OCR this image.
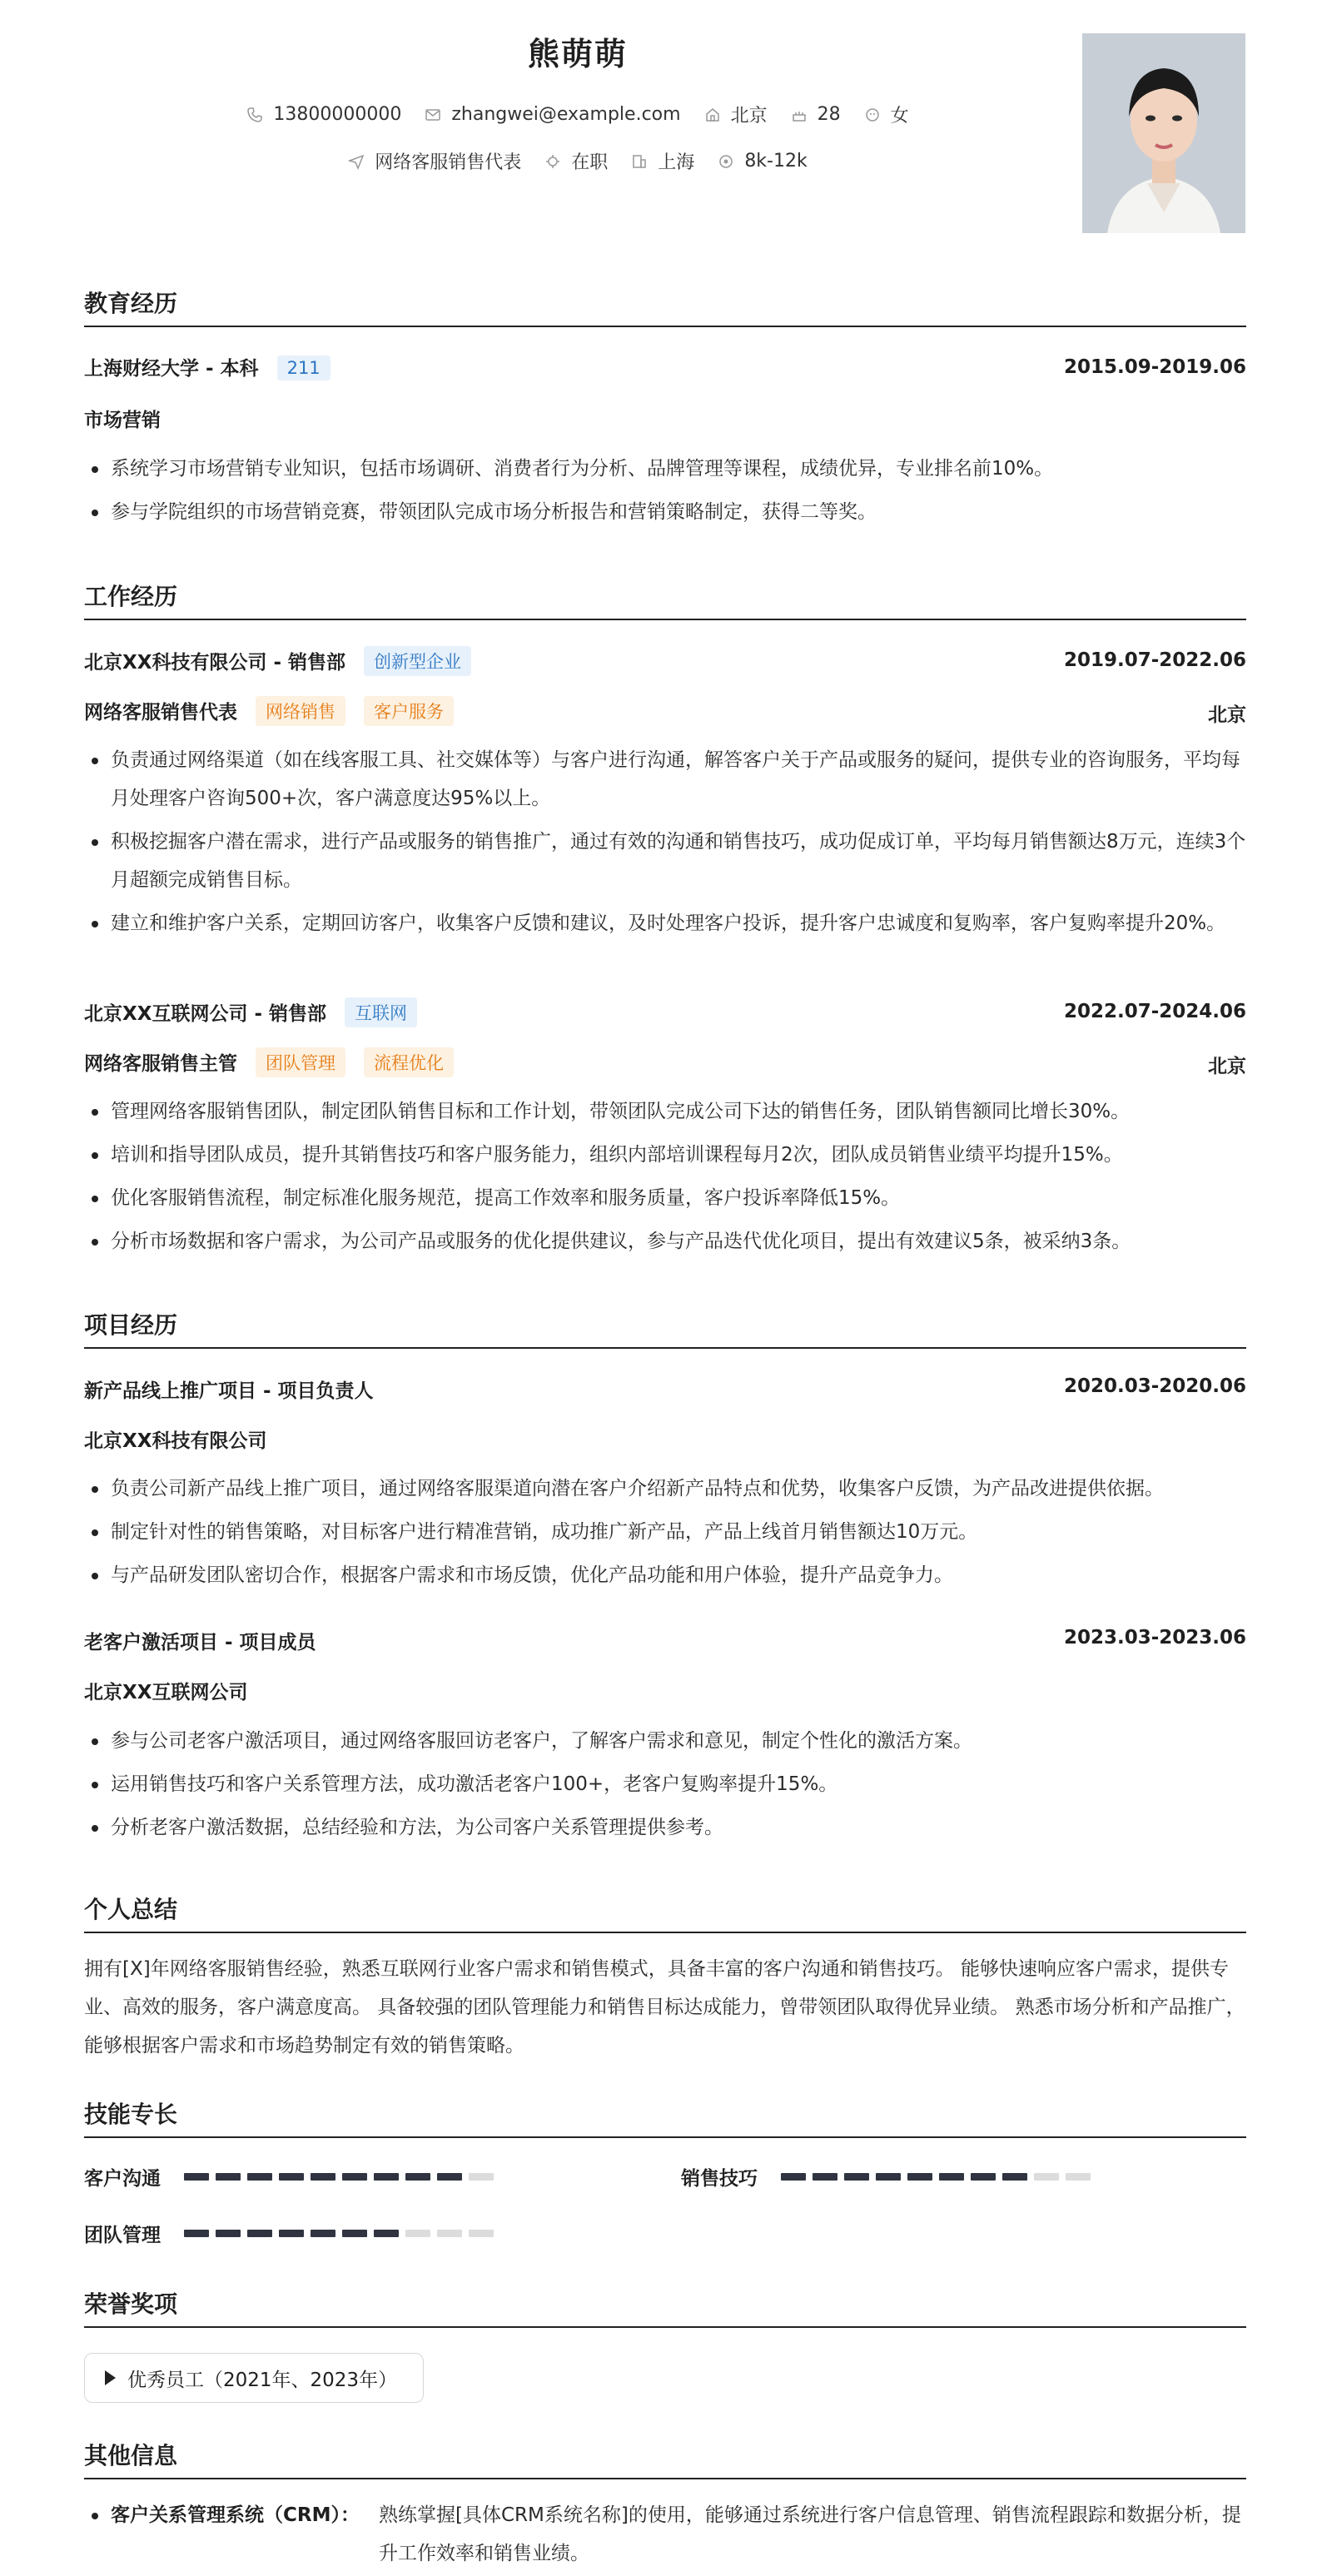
熊萌萌
13800000000	zhangwei@example.com	北京	28	女
网络客服销售代表	在职	上海	8k-12k
教育经历
上海财经大学 - 本科 211	2015.09-2019.06
市场营销
系统学习市场营销专业知识，包括市场调研、消费者行为分析、品牌管理等课程，成绩优异，专业排名前10%。
参与学院组织的市场营销竞赛，带领团队完成市场分析报告和营销策略制定，获得二等奖。
工作经历
北京XX科技有限公司 - 销售部 创新型企业	2019.07-2022.06
网络客服销售代表 网络销售 客户服务	北京
负责通过网络渠道（如在线客服工具、社交媒体等）与客户进行沟通，解答客户关于产品或服务的疑问，提供专业的咨询服务，平均每月处理客户咨询500+次，客户满意度达95%以上。
积极挖掘客户潜在需求，进行产品或服务的销售推广，通过有效的沟通和销售技巧，成功促成订单，平均每月销售额达8万元，连续3个月超额完成销售目标。
建立和维护客户关系，定期回访客户，收集客户反馈和建议，及时处理客户投诉，提升客户忠诚度和复购率，客户复购率提升20%。
北京XX互联网公司 - 销售部 互联网	2022.07-2024.06
网络客服销售主管 团队管理 流程优化	北京
管理网络客服销售团队，制定团队销售目标和工作计划，带领团队完成公司下达的销售任务，团队销售额同比增长30%。
培训和指导团队成员，提升其销售技巧和客户服务能力，组织内部培训课程每月2次，团队成员销售业绩平均提升15%。
优化客服销售流程，制定标准化服务规范，提高工作效率和服务质量，客户投诉率降低15%。
分析市场数据和客户需求，为公司产品或服务的优化提供建议，参与产品迭代优化项目，提出有效建议5条，被采纳3条。
项目经历
新产品线上推广项目 - 项目负责人	2020.03-2020.06
北京XX科技有限公司
负责公司新产品线上推广项目，通过网络客服渠道向潜在客户介绍新产品特点和优势，收集客户反馈，为产品改进提供依据。
制定针对性的销售策略，对目标客户进行精准营销，成功推广新产品，产品上线首月销售额达10万元。
与产品研发团队密切合作，根据客户需求和市场反馈，优化产品功能和用户体验，提升产品竞争力。
老客户激活项目 - 项目成员	2023.03-2023.06
北京XX互联网公司
参与公司老客户激活项目，通过网络客服回访老客户，了解客户需求和意见，制定个性化的激活方案。
运用销售技巧和客户关系管理方法，成功激活老客户100+，老客户复购率提升15%。
分析老客户激活数据，总结经验和方法，为公司客户关系管理提供参考。
个人总结
拥有[X]年网络客服销售经验，熟悉互联网行业客户需求和销售模式，具备丰富的客户沟通和销售技巧。 能够快速响应客户需求，提供专业、高效的服务，客户满意度高。 具备较强的团队管理能力和销售目标达成能力，曾带领团队取得优异业绩。 熟悉市场分析和产品推广，能够根据客户需求和市场趋势制定有效的销售策略。
技能专长
客户沟通	销售技巧
团队管理
荣誉奖项
优秀员工（2021年、2023年）
其他信息
客户关系管理系统（CRM）： 熟练掌握[具体CRM系统名称]的使用，能够通过系统进行客户信息管理、销售流程跟踪和数据分析，提升工作效率和销售业绩。
